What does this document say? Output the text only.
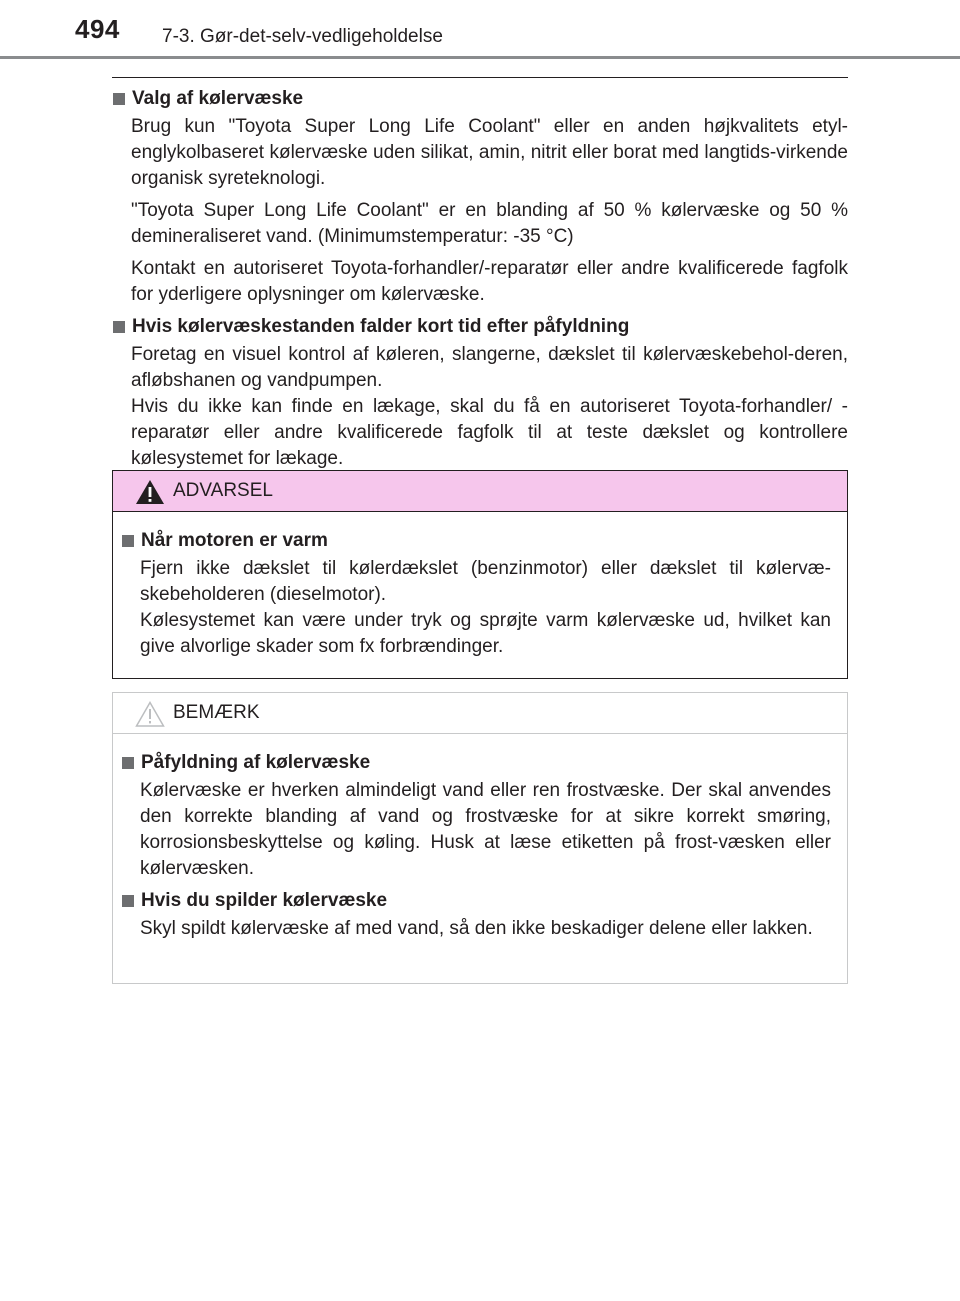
494 7-3. Gør-det-selv-vedligeholdelse
Valg af kølervæske

Brug kun "Toyota Super Long Life Coolant" eller en anden højkvalitets etyl-englykolbaseret kølervæske uden silikat, amin, nitrit eller borat med langtids-virkende organisk syreteknologi.

"Toyota Super Long Life Coolant" er en blanding af 50 % kølervæske og 50 % demineraliseret vand. (Minimumstemperatur: -35 °C)

Kontakt en autoriseret Toyota-forhandler/-reparatør eller andre kvalificerede fagfolk for yderligere oplysninger om kølervæske.

Hvis kølervæskestanden falder kort tid efter påfyldning

Foretag en visuel kontrol af køleren, slangerne, dækslet til kølervæskebehol-deren, afløbshanen og vandpumpen.
Hvis du ikke kan finde en lækage, skal du få en autoriseret Toyota-forhandler/ -reparatør eller andre kvalificerede fagfolk til at teste dækslet og kontrollere kølesystemet for lækage.

ADVARSEL
Når motoren er varm

Fjern ikke dækslet til kølerdækslet (benzinmotor) eller dækslet til kølervæ-skebeholderen (dieselmotor).
Kølesystemet kan være under tryk og sprøjte varm kølervæske ud, hvilket kan give alvorlige skader som fx forbrændinger.

BEMÆRK
Påfyldning af kølervæske

Kølervæske er hverken almindeligt vand eller ren frostvæske. Der skal anvendes den korrekte blanding af vand og frostvæske for at sikre korrekt smøring, korrosionsbeskyttelse og køling. Husk at læse etiketten på frost-væsken eller kølervæsken.

Hvis du spilder kølervæske

Skyl spildt kølervæske af med vand, så den ikke beskadiger delene eller lakken.
